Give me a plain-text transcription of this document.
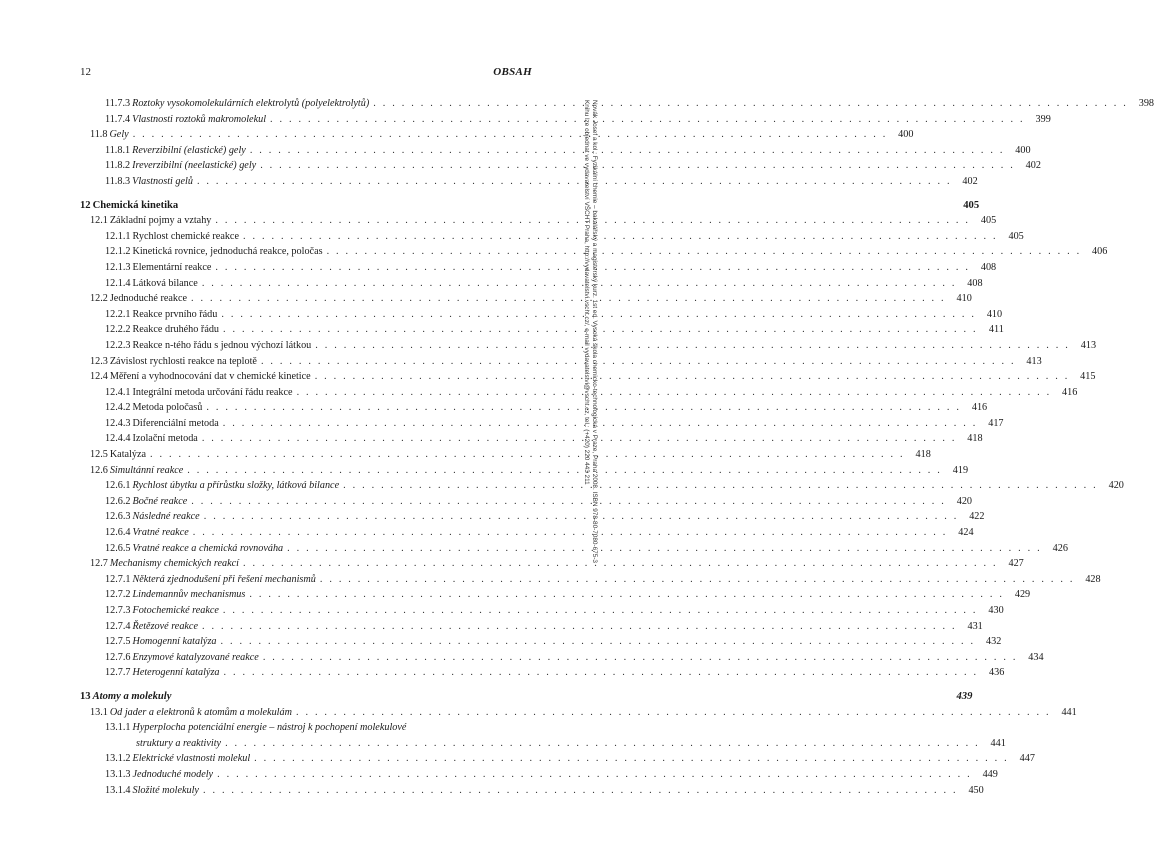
12	OBSAH
Novák Josef a kol.: Fyzikální chemie – bakalářský a magisterský kurz. 1st ed. Vysoká škola chemicko-technologická v Praze, Praha 2008. ISBN 978-80-7080-675-3
Knihu lze objednat ve vydavatelství VŠCHT Praha, http://vydavatelstvi.vscht.cz/, e-mail vydavatelstvi@vscht.cz, tel.: (+420) 220 443 211
11.7.3 Roztoky vysokomolekulárních elektrolytů (polyelektrolytů) . . . . . . . . . . . . . . . . . . . . . . . . . . . . . . . . . . . . . . . . . . . . . . . . . . . . . . . . . . . . . . . . . . . . . . . . . . . . . . . .	398
11.7.4 Vlastnosti roztoků makromolekul . . . . . . . . . . . . . . . . . . . . . . . . . . . . . . . . . . . . . . . . . . . . . . . . . . . . . . . . . . . . . . . . . . . . . . . . . . . . . . . .	399
11.8 Gely . . . . . . . . . . . . . . . . . . . . . . . . . . . . . . . . . . . . . . . . . . . . . . . . . . . . . . . . . . . . . . . . . . . . . . . . . . . . . . . .	400
11.8.1 Reverzibilní (elastické) gely . . . . . . . . . . . . . . . . . . . . . . . . . . . . . . . . . . . . . . . . . . . . . . . . . . . . . . . . . . . . . . . . . . . . . . . . . . . . . . . .	400
11.8.2 Ireverzibilní (neelastické) gely . . . . . . . . . . . . . . . . . . . . . . . . . . . . . . . . . . . . . . . . . . . . . . . . . . . . . . . . . . . . . . . . . . . . . . . . . . . . . . . .	402
11.8.3 Vlastnosti gelů . . . . . . . . . . . . . . . . . . . . . . . . . . . . . . . . . . . . . . . . . . . . . . . . . . . . . . . . . . . . . . . . . . . . . . . . . . . . . . . .	402
12 Chemická kinetika	405
12.1 Základní pojmy a vztahy . . . . . . . . . . . . . . . . . . . . . . . . . . . . . . . . . . . . . . . . . . . . . . . . . . . . . . . . . . . . . . . . . . . . . . . . . . . . . . . .	405
12.1.1 Rychlost chemické reakce . . . . . . . . . . . . . . . . . . . . . . . . . . . . . . . . . . . . . . . . . . . . . . . . . . . . . . . . . . . . . . . . . . . . . . . . . . . . . . . .	405
12.1.2 Kinetická rovnice, jednoduchá reakce, poločas . . . . . . . . . . . . . . . . . . . . . . . . . . . . . . . . . . . . . . . . . . . . . . . . . . . . . . . . . . . . . . . . . . . . . . . . . . . . . . . .	406
12.1.3 Elementární reakce . . . . . . . . . . . . . . . . . . . . . . . . . . . . . . . . . . . . . . . . . . . . . . . . . . . . . . . . . . . . . . . . . . . . . . . . . . . . . . . .	408
12.1.4 Látková bilance . . . . . . . . . . . . . . . . . . . . . . . . . . . . . . . . . . . . . . . . . . . . . . . . . . . . . . . . . . . . . . . . . . . . . . . . . . . . . . . .	408
12.2 Jednoduché reakce . . . . . . . . . . . . . . . . . . . . . . . . . . . . . . . . . . . . . . . . . . . . . . . . . . . . . . . . . . . . . . . . . . . . . . . . . . . . . . . .	410
12.2.1 Reakce prvního řádu . . . . . . . . . . . . . . . . . . . . . . . . . . . . . . . . . . . . . . . . . . . . . . . . . . . . . . . . . . . . . . . . . . . . . . . . . . . . . . . .	410
12.2.2 Reakce druhého řádu . . . . . . . . . . . . . . . . . . . . . . . . . . . . . . . . . . . . . . . . . . . . . . . . . . . . . . . . . . . . . . . . . . . . . . . . . . . . . . . .	411
12.2.3 Reakce n-tého řádu s jednou výchozí látkou . . . . . . . . . . . . . . . . . . . . . . . . . . . . . . . . . . . . . . . . . . . . . . . . . . . . . . . . . . . . . . . . . . . . . . . . . . . . . . . .	413
12.3 Závislost rychlosti reakce na teplotě . . . . . . . . . . . . . . . . . . . . . . . . . . . . . . . . . . . . . . . . . . . . . . . . . . . . . . . . . . . . . . . . . . . . . . . . . . . . . . . .	413
12.4 Měření a vyhodnocování dat v chemické kinetice . . . . . . . . . . . . . . . . . . . . . . . . . . . . . . . . . . . . . . . . . . . . . . . . . . . . . . . . . . . . . . . . . . . . . . . . . . . . . . . .	415
12.4.1 Integrální metoda určování řádu reakce . . . . . . . . . . . . . . . . . . . . . . . . . . . . . . . . . . . . . . . . . . . . . . . . . . . . . . . . . . . . . . . . . . . . . . . . . . . . . . . .	416
12.4.2 Metoda poločasů . . . . . . . . . . . . . . . . . . . . . . . . . . . . . . . . . . . . . . . . . . . . . . . . . . . . . . . . . . . . . . . . . . . . . . . . . . . . . . . .	416
12.4.3 Diferenciální metoda . . . . . . . . . . . . . . . . . . . . . . . . . . . . . . . . . . . . . . . . . . . . . . . . . . . . . . . . . . . . . . . . . . . . . . . . . . . . . . . .	417
12.4.4 Izolační metoda . . . . . . . . . . . . . . . . . . . . . . . . . . . . . . . . . . . . . . . . . . . . . . . . . . . . . . . . . . . . . . . . . . . . . . . . . . . . . . . .	418
12.5 Katalýza . . . . . . . . . . . . . . . . . . . . . . . . . . . . . . . . . . . . . . . . . . . . . . . . . . . . . . . . . . . . . . . . . . . . . . . . . . . . . . . .	418
12.6 Simultánní reakce . . . . . . . . . . . . . . . . . . . . . . . . . . . . . . . . . . . . . . . . . . . . . . . . . . . . . . . . . . . . . . . . . . . . . . . . . . . . . . . .	419
12.6.1 Rychlost úbytku a přírůstku složky, látková bilance . . . . . . . . . . . . . . . . . . . . . . . . . . . . . . . . . . . . . . . . . . . . . . . . . . . . . . . . . . . . . . . . . . . . . . . . . . . . . . . .	420
12.6.2 Bočné reakce . . . . . . . . . . . . . . . . . . . . . . . . . . . . . . . . . . . . . . . . . . . . . . . . . . . . . . . . . . . . . . . . . . . . . . . . . . . . . . . .	420
12.6.3 Následné reakce . . . . . . . . . . . . . . . . . . . . . . . . . . . . . . . . . . . . . . . . . . . . . . . . . . . . . . . . . . . . . . . . . . . . . . . . . . . . . . . .	422
12.6.4 Vratné reakce . . . . . . . . . . . . . . . . . . . . . . . . . . . . . . . . . . . . . . . . . . . . . . . . . . . . . . . . . . . . . . . . . . . . . . . . . . . . . . . .	424
12.6.5 Vratné reakce a chemická rovnováha . . . . . . . . . . . . . . . . . . . . . . . . . . . . . . . . . . . . . . . . . . . . . . . . . . . . . . . . . . . . . . . . . . . . . . . . . . . . . . . .	426
12.7 Mechanismy chemických reakcí . . . . . . . . . . . . . . . . . . . . . . . . . . . . . . . . . . . . . . . . . . . . . . . . . . . . . . . . . . . . . . . . . . . . . . . . . . . . . . . .	427
12.7.1 Některá zjednodušení při řešení mechanismů . . . . . . . . . . . . . . . . . . . . . . . . . . . . . . . . . . . . . . . . . . . . . . . . . . . . . . . . . . . . . . . . . . . . . . . . . . . . . . . .	428
12.7.2 Lindemannův mechanismus . . . . . . . . . . . . . . . . . . . . . . . . . . . . . . . . . . . . . . . . . . . . . . . . . . . . . . . . . . . . . . . . . . . . . . . . . . . . . . . .	429
12.7.3 Fotochemické reakce . . . . . . . . . . . . . . . . . . . . . . . . . . . . . . . . . . . . . . . . . . . . . . . . . . . . . . . . . . . . . . . . . . . . . . . . . . . . . . . .	430
12.7.4 Řetězové reakce . . . . . . . . . . . . . . . . . . . . . . . . . . . . . . . . . . . . . . . . . . . . . . . . . . . . . . . . . . . . . . . . . . . . . . . . . . . . . . . .	431
12.7.5 Homogenní katalýza . . . . . . . . . . . . . . . . . . . . . . . . . . . . . . . . . . . . . . . . . . . . . . . . . . . . . . . . . . . . . . . . . . . . . . . . . . . . . . . .	432
12.7.6 Enzymové katalyzované reakce . . . . . . . . . . . . . . . . . . . . . . . . . . . . . . . . . . . . . . . . . . . . . . . . . . . . . . . . . . . . . . . . . . . . . . . . . . . . . . . .	434
12.7.7 Heterogenní katalýza . . . . . . . . . . . . . . . . . . . . . . . . . . . . . . . . . . . . . . . . . . . . . . . . . . . . . . . . . . . . . . . . . . . . . . . . . . . . . . . .	436
13 Atomy a molekuly	439
13.1 Od jader a elektronů k atomům a molekulám . . . . . . . . . . . . . . . . . . . . . . . . . . . . . . . . . . . . . . . . . . . . . . . . . . . . . . . . . . . . . . . . . . . . . . . . . . . . . . . .	441
13.1.1 Hyperplocha potenciální energie – nástroj k pochopení molekulové
struktury a reaktivity . . . . . . . . . . . . . . . . . . . . . . . . . . . . . . . . . . . . . . . . . . . . . . . . . . . . . . . . . . . . . . . . . . . . . . . . . . . . . . . .	441
13.1.2 Elektrické vlastnosti molekul . . . . . . . . . . . . . . . . . . . . . . . . . . . . . . . . . . . . . . . . . . . . . . . . . . . . . . . . . . . . . . . . . . . . . . . . . . . . . . . .	447
13.1.3 Jednoduché modely . . . . . . . . . . . . . . . . . . . . . . . . . . . . . . . . . . . . . . . . . . . . . . . . . . . . . . . . . . . . . . . . . . . . . . . . . . . . . . . .	449
13.1.4 Složité molekuly . . . . . . . . . . . . . . . . . . . . . . . . . . . . . . . . . . . . . . . . . . . . . . . . . . . . . . . . . . . . . . . . . . . . . . . . . . . . . . . .	450
